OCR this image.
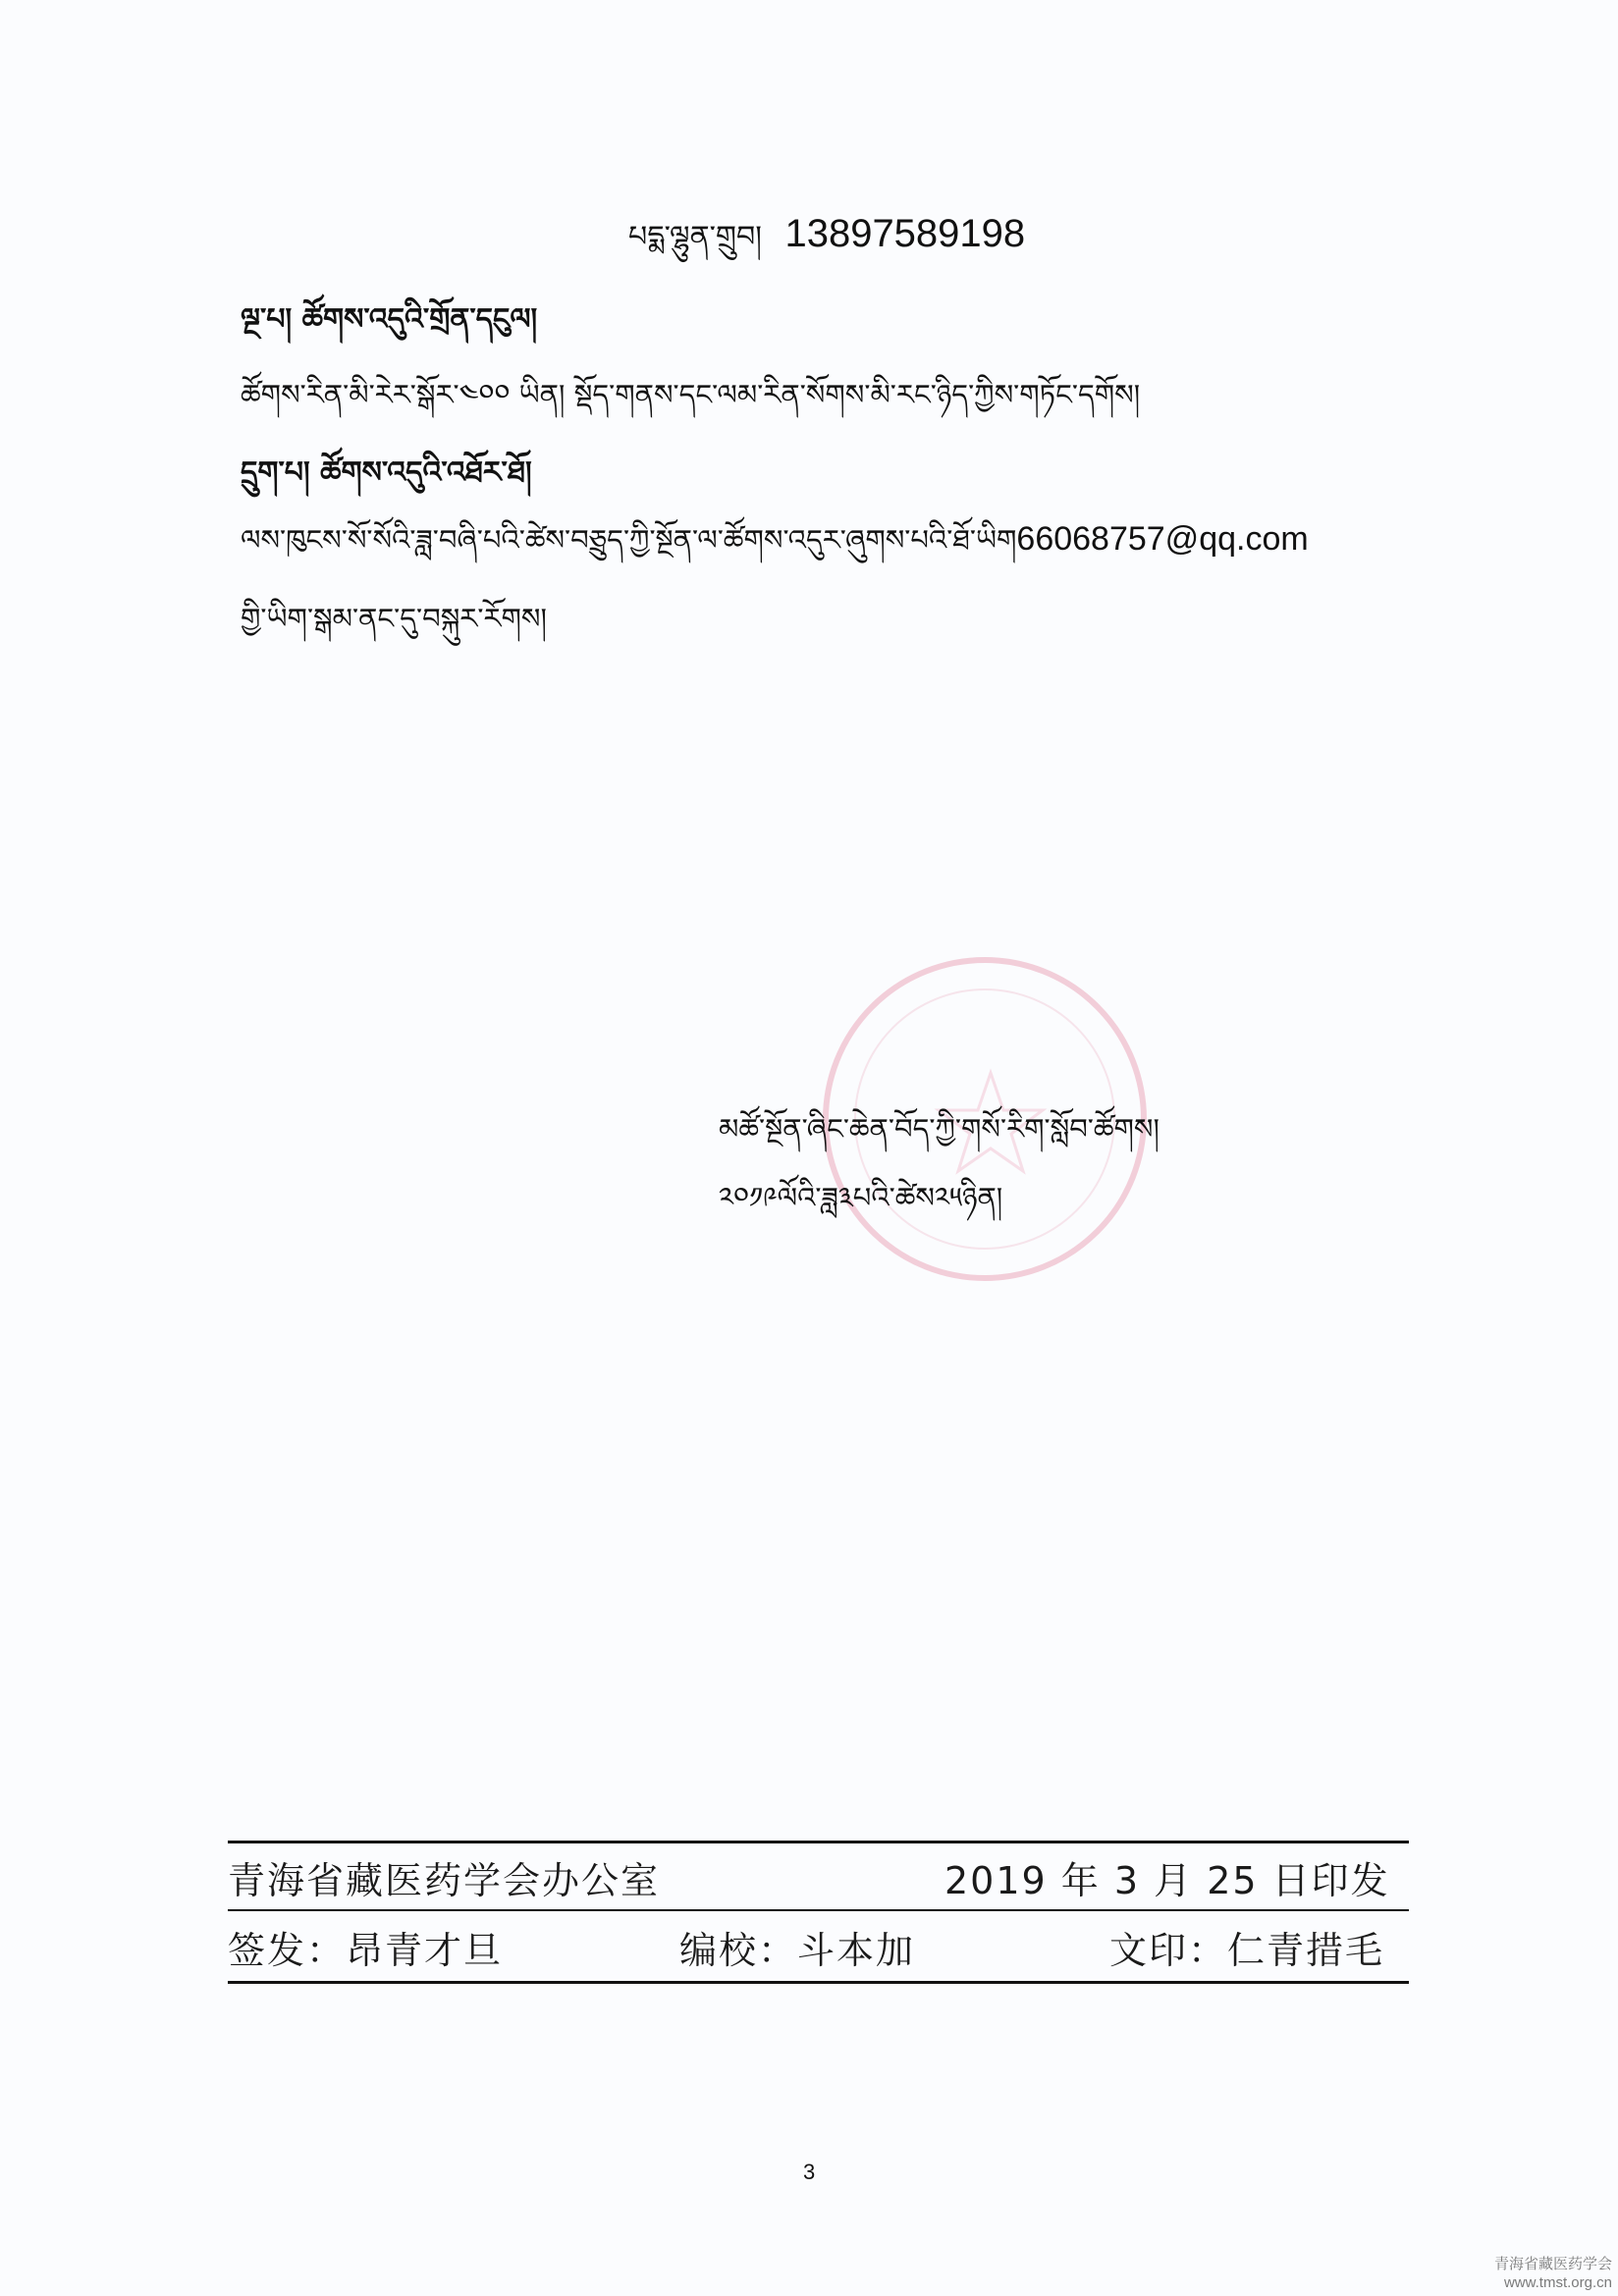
པདྨ་ལྷུན་གྲུབ། 13897589198
ལྔ་པ། ཚོགས་འདུའི་གྲོན་དངུལ།
ཚོགས་རིན་མི་རེར་སྒོར་༤༠༠ ཡིན། སྡོད་གནས་དང་ལམ་རིན་སོགས་མི་རང་ཉིད་ཀྱིས་གཏོང་དགོས།
དྲུག་པ། ཚོགས་འདུའི་འཐོར་ཐོ།
ལས་ཁུངས་སོ་སོའི་ཟླ་བཞི་པའི་ཚེས་བཅྲུད་ཀྱི་སྔོན་ལ་ཚོགས་འདུར་ཞུགས་པའི་ཐོ་ཡིག66068757@qq.com
གྱི་ཡིག་སྒམ་ནང་དུ་བསྐུར་རོགས།
མཚོ་སྔོན་ཞིང་ཆེན་བོད་ཀྱི་གསོ་རིག་སློབ་ཚོགས།
༢༠༡༩ལོའི་ཟླ༣པའི་ཚེས༢༥ཉིན།
青海省藏医药学会办公室	2019 年 3 月 25 日印发
签发：昂青才旦	编校：斗本加	文印：仁青措毛
3
青海省藏医药学会
www.tmst.org.cn
